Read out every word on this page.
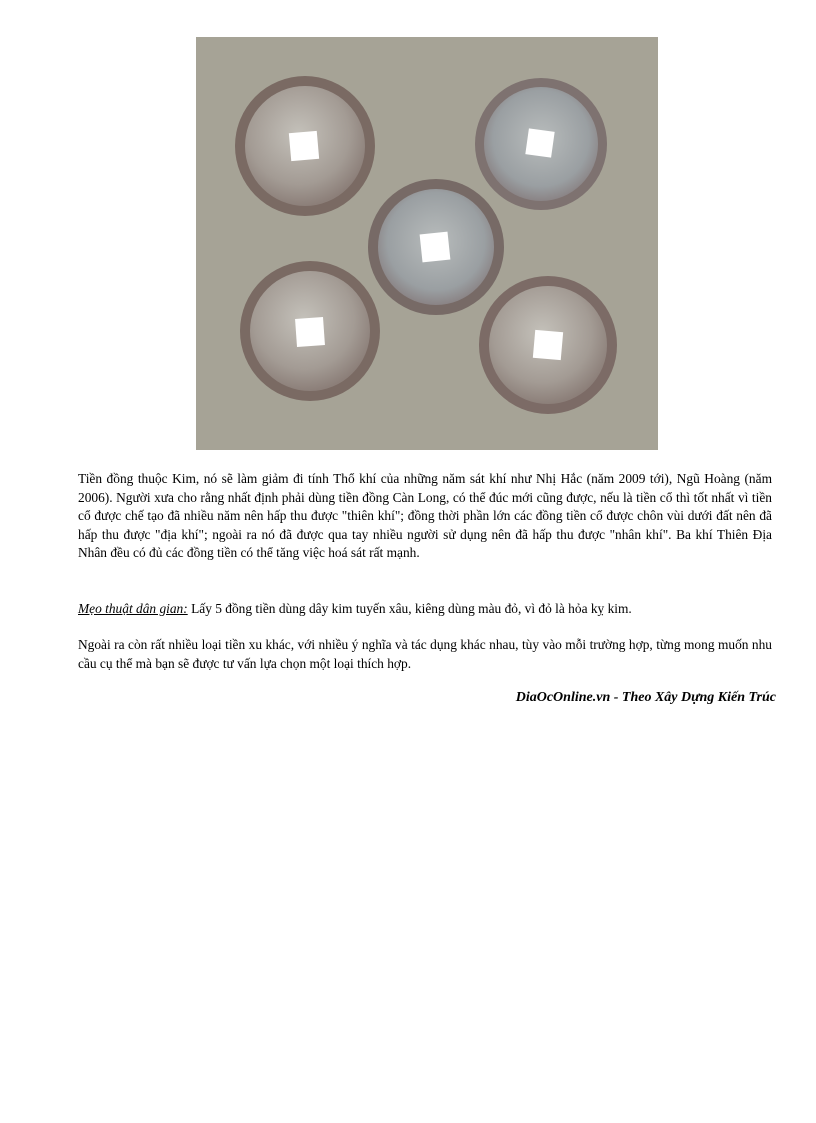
Tiền đồng thuộc Kim, nó sẽ làm giảm đi tính Thổ khí của những năm sát khí như Nhị Hắc (năm 2009 tới), Ngũ Hoàng (năm 2006). Người xưa cho rằng nhất định phải dùng tiền đồng Càn Long, có thể đúc mới cũng được, nếu là tiền cổ thì tốt nhất vì tiền cổ được chế tạo đã nhiều năm nên hấp thu được "thiên khí"; đồng thời phần lớn các đồng tiền cổ được chôn vùi dưới đất nên đã hấp thu được "địa khí"; ngoài ra nó đã được qua tay nhiều người sử dụng nên đã hấp thu được "nhân khí". Ba khí Thiên Địa Nhân đều có đủ các đồng tiền có thể tăng việc hoá sát rất mạnh.

Mẹo thuật dân gian: Lấy 5 đồng tiền dùng dây kim tuyến xâu, kiêng dùng màu đỏ, vì đỏ là hỏa kỵ kim.

Ngoài ra còn rất nhiều loại tiền xu khác, với nhiều ý nghĩa và tác dụng khác nhau, tùy vào mỗi trường hợp, từng mong muốn nhu cầu cụ thể mà bạn sẽ được tư vấn lựa chọn một loại thích hợp.

DiaOcOnline.vn - Theo Xây Dựng Kiến Trúc
